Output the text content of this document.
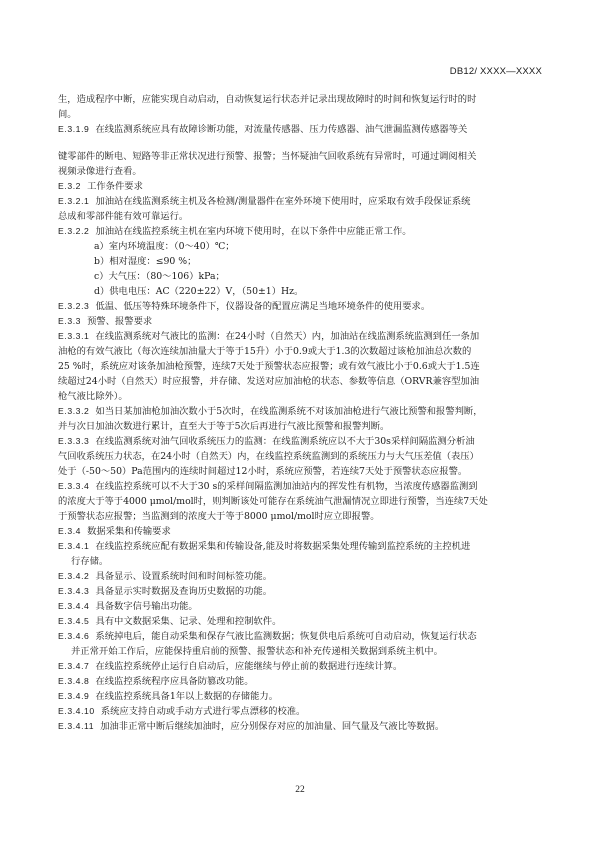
DB12/ XXXX—XXXX
生，造成程序中断，应能实现自动启动，自动恢复运行状态并记录出现故障时的时间和恢复运行时的时
间。
E.3.1.9 在线监测系统应具有故障诊断功能，对流量传感器、压力传感器、油气泄漏监测传感器等关
键零部件的断电、短路等非正常状况进行预警、报警；当怀疑油气回收系统有异常时，可通过调阅相关
视频录像进行查看。
E.3.2 工作条件要求
E.3.2.1 加油站在线监测系统主机及各检测/测量器件在室外环境下使用时，应采取有效手段保证系统
总成和零部件能有效可靠运行。
E.3.2.2 加油站在线监控系统主机在室内环境下使用时，在以下条件中应能正常工作。
a）室内环境温度：（0～40）℃；
b）相对湿度：≤90 %；
c）大气压：（80～106）kPa；
d）供电电压：AC（220±22）V，（50±1）Hz。
E.3.2.3 低温、低压等特殊环境条件下，仪器设备的配置应满足当地环境条件的使用要求。
E.3.3 预警、报警要求
E.3.3.1 在线监测系统对气液比的监测：在24小时（自然天）内，加油站在线监测系统监测到任一条加
油枪的有效气液比（每次连续加油量大于等于15升）小于0.9或大于1.3的次数超过该枪加油总次数的
25 %时，系统应对该条加油枪预警，连续7天处于预警状态应报警；或有效气液比小于0.6或大于1.5连
续超过24小时（自然天）时应报警，并存储、发送对应加油枪的状态、参数等信息（ORVR兼容型加油
枪气液比除外）。
E.3.3.2 如当日某加油枪加油次数小于5次时，在线监测系统不对该加油枪进行气液比预警和报警判断，
并与次日加油次数进行累计，直至大于等于5次后再进行气液比预警和报警判断。
E.3.3.3 在线监测系统对油气回收系统压力的监测：在线监测系统应以不大于30s采样间隔监测分析油
气回收系统压力状态，在24小时（自然天）内，在线监控系统监测到的系统压力与大气压差值（表压）
处于（-50～50）Pa范围内的连续时间超过12小时，系统应预警，若连续7天处于预警状态应报警。
E.3.3.4 在线监控系统可以不大于30 s的采样间隔监测加油站内的挥发性有机物，当浓度传感器监测到
的浓度大于等于4000 μmol/mol时，则判断该处可能存在系统油气泄漏情况立即进行预警，当连续7天处
于预警状态应报警；当监测到的浓度大于等于8000 μmol/mol时应立即报警。
E.3.4 数据采集和传输要求
E.3.4.1 在线监控系统应配有数据采集和传输设备,能及时将数据采集处理传输到监控系统的主控机进
行存储。
E.3.4.2 具备显示、设置系统时间和时间标签功能。
E.3.4.3 具备显示实时数据及查询历史数据的功能。
E.3.4.4 具备数字信号输出功能。
E.3.4.5 具有中文数据采集、记录、处理和控制软件。
E.3.4.6 系统掉电后，能自动采集和保存气液比监测数据；恢复供电后系统可自动启动，恢复运行状态
并正常开始工作后，应能保持重启前的预警、报警状态和补充传递相关数据到系统主机中。
E.3.4.7 在线监控系统停止运行自启动后，应能继续与停止前的数据进行连续计算。
E.3.4.8 在线监控系统程序应具备防篡改功能。
E.3.4.9 在线监控系统具备1年以上数据的存储能力。
E.3.4.10 系统应支持自动或手动方式进行零点漂移的校准。
E.3.4.11 加油非正常中断后继续加油时，应分别保存对应的加油量、回气量及气液比等数据。
22
